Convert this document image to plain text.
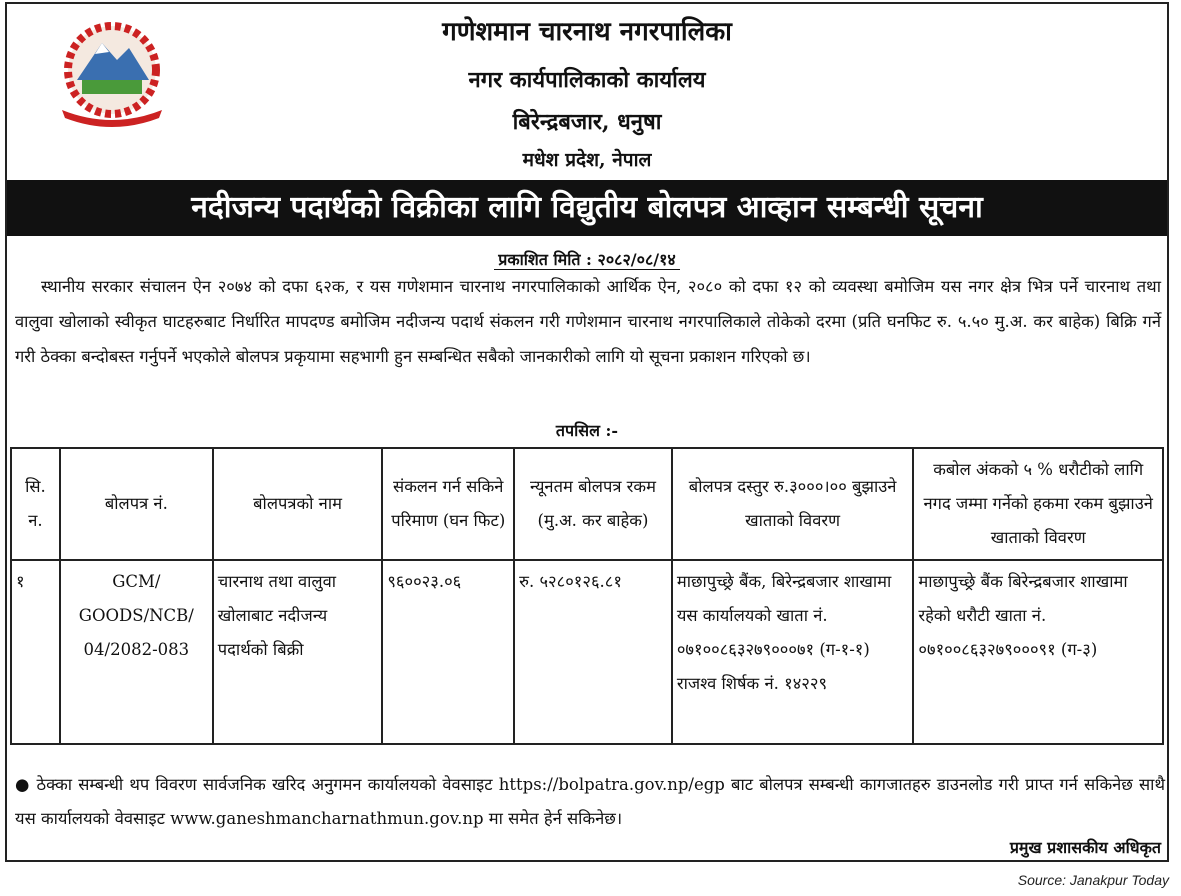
गणेशमान चारनाथ नगरपालिका
नगर कार्यपालिकाको कार्यालय
बिरेन्द्रबजार, धनुषा
मधेश प्रदेश, नेपाल
नदीजन्य पदार्थको विक्रीका लागि विद्युतीय बोलपत्र आव्हान सम्बन्धी सूचना
प्रकाशित मिति : २०८२/०८/१४
स्थानीय सरकार संचालन ऐन २०७४ को दफा ६२क, र यस गणेशमान चारनाथ नगरपालिकाको आर्थिक ऐन, २०८० को दफा १२ को व्यवस्था बमोजिम यस नगर क्षेत्र भित्र पर्ने चारनाथ तथा वालुवा खोलाको स्वीकृत घाटहरुबाट निर्धारित मापदण्ड बमोजिम नदीजन्य पदार्थ संकलन गरी गणेशमान चारनाथ नगरपालिकाले तोकेको दरमा (प्रति घनफिट रु. ५.५० मु.अ. कर बाहेक) बिक्रि गर्ने गरी ठेक्का बन्दोबस्त गर्नुपर्ने भएकोले बोलपत्र प्रकृयामा सहभागी हुन सम्बन्धित सबैको जानकारीको लागि यो सूचना प्रकाशन गरिएको छ।
तपसिल :-
सि. न.	बोलपत्र नं.	बोलपत्रको नाम	संकलन गर्न सकिने परिमाण (घन फिट)	न्यूनतम बोलपत्र रकम (मु.अ. कर बाहेक)	बोलपत्र दस्तुर रु.३०००।०० बुझाउने खाताको विवरण	कबोल अंकको ५ % धरौटीको लागि नगद जम्मा गर्नेको हकमा रकम बुझाउने खाताको विवरण
१	GCM/ GOODS/NCB/ 04/2082-083	चारनाथ तथा वालुवा खोलाबाट नदीजन्य पदार्थको बिक्री	९६००२३.०६	रु. ५२८०१२६.८१	माछापुच्छ्रे बैंक, बिरेन्द्रबजार शाखामा यस कार्यालयको खाता नं. ०७१००८६३२७९०००७१ (ग-१-१) राजश्व शिर्षक नं. १४२२९	माछापुच्छ्रे बैंक बिरेन्द्रबजार शाखामा रहेको धरौटी खाता नं. ०७१००८६३२७९०००९१ (ग-३)
● ठेक्का सम्बन्धी थप विवरण सार्वजनिक खरिद अनुगमन कार्यालयको वेवसाइट https://bolpatra.gov.np/egp बाट बोलपत्र सम्बन्धी कागजातहरु डाउनलोड गरी प्राप्त गर्न सकिनेछ साथै यस कार्यालयको वेवसाइट www.ganeshmancharnathmun.gov.np मा समेत हेर्न सकिनेछ।
प्रमुख प्रशासकीय अधिकृत
Source: Janakpur Today
